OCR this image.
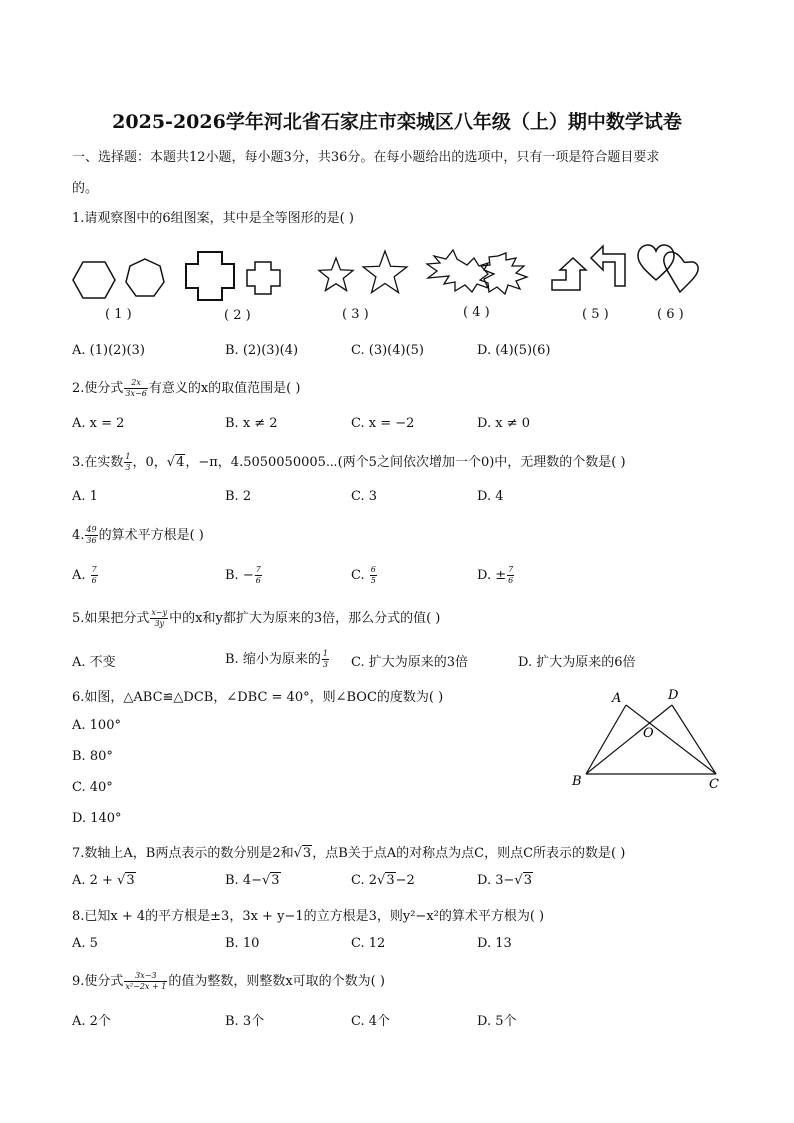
2025-2026学年河北省石家庄市栾城区八年级（上）期中数学试卷
一、选择题：本题共12小题，每小题3分，共36分。在每小题给出的选项中，只有一项是符合题目要求
的。
1.请观察图中的6组图案，其中是全等图形的是( )
( 1 )	( 2 )	( 3 )	( 4 )	( 5 )	( 6 )
A. (1)(2)(3)	B. (2)(3)(4)	C. (3)(4)(5)	D. (4)(5)(6)
2.使分式 $\frac{2x}{3x-6}$ 有意义的x的取值范围是( )
A. x = 2	B. x ≠ 2	C. x = −2	D. x ≠ 0
3.在实数 $\frac{1}{3}$ ，0，√4，−π，4.5050050005⋯(两个5之间依次增加一个0)中，无理数的个数是( )
A. 1	B. 2	C. 3	D. 4
4. $\frac{49}{36}$ 的算术平方根是( )
A. $\frac{7}{6}$	B. − $\frac{7}{6}$	C. $\frac{6}{5}$	D. ± $\frac{7}{6}$
5.如果把分式 $\frac{x-y}{3y}$ 中的x和y都扩大为原来的3倍，那么分式的值( )
A. 不变	B. 缩小为原来的 $\frac{1}{3} C$. 扩大为原来的3倍	D. 扩大为原来的6倍
6.如图，△ABC≌△DCB，∠DBC = 40°，则∠BOC的度数为( )
A. 100°
B. 80°
C. 40°
D. 140°
A	D
O
B	C
7.数轴上A，B两点表示的数分别是2和√3，点B关于点A的对称点为点C，则点C所表示的数是( )
A. 2 + √3	B. 4−√3	C. 2√3−2	D. 3−√3
8.已知x + 4的平方根是±3，3x + y−1的立方根是3，则y²−x²的算术平方根为( )
A. 5	B. 10	C. 12	D. 13
9.使分式 $\frac{3x-3}{\text{x²−2x + 1}}$ 的值为整数，则整数x可取的个数为( )
A. 2个	B. 3个	C. 4个	D. 5个
